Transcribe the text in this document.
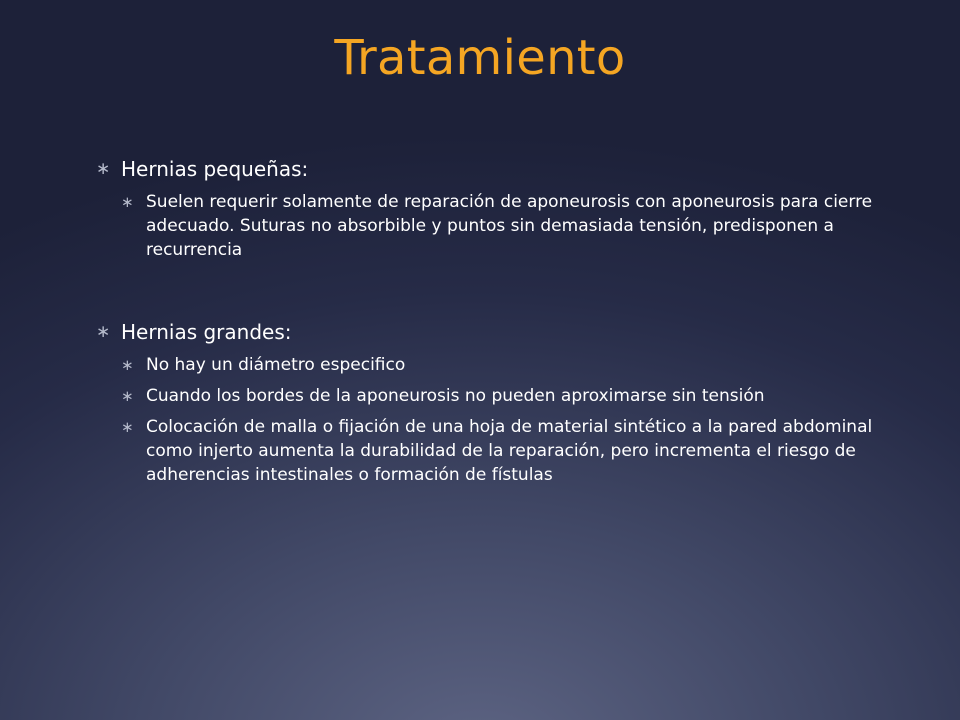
Tratamiento
∗ Hernias pequeñas:
∗ Suelen requerir solamente de reparación de aponeurosis con aponeurosis para cierre adecuado. Suturas no absorbible y puntos sin demasiada tensión, predisponen a recurrencia
∗ Hernias grandes:
∗ No hay un diámetro especifico
∗ Cuando los bordes de la aponeurosis no pueden aproximarse sin tensión
∗ Colocación de malla o fijación de una hoja de material sintético a la pared abdominal como injerto aumenta la durabilidad de la reparación, pero incrementa el riesgo de adherencias intestinales o formación de fístulas
